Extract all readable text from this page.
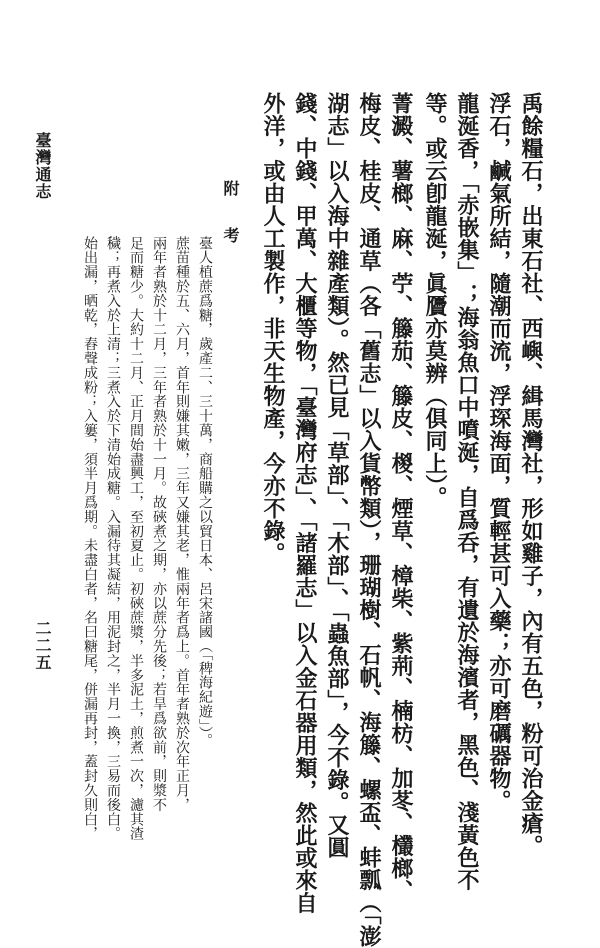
禹餘糧石，出東石社、西嶼、緝馬灣社，形如雞子，內有五色，粉可治金瘡。
浮石，鹹氣所結，隨潮而流，浮琛海面，質輕甚可入藥；亦可磨礪器物。
龍涎香，「赤嵌集」；海翁魚口中噴涎，自爲呑，有遺於海濱者，黑色、淺黃色不
等。或云卽龍涎，眞贗亦莫辨（俱同上）。
菁澱、薯榔、麻、苧、籐茄、籐皮、椶、煙草、樟柴、紫荊、楠枋、加苳、欉榔、
梅皮、桂皮、通草（各「舊志」以入貨幣類），珊瑚樹、石帆、海籐、螺盃、蚌瓢（「澎
湖志」以入海中雜產類）。然已見「草部」、「木部」、「蟲魚部」，今不錄。又圓
錢、中錢、甲萬、大櫃等物，「臺灣府志」、「諸羅志」以入金石器用類，然此或來自
外洋，或由人工製作，非天生物產，今亦不錄。
附 考
臺人植蔗爲糖，歲產二、三十萬，商船購之以貿日本、呂宋諸國（「稗海紀遊」）。
蔗苗種於五、六月，首年則嫌其嫩，三年又嫌其老，惟兩年者爲上。首年者熟於次年正月，
兩年者熟於十二月，三年者熟於十一月。故硤煮之期，亦以蔗分先後；若旱爲欲前，則漿不
足而糖少。大約十二月、正月間始盡興工，至初夏止。初硤蔗漿，半多泥土，煎煮一次，濾其渣
穢；再煮入於上清；三煮入於下清始成糖。入漏待其凝結，用泥封之，半月一換，三易而後白。
始出漏，晒乾，舂聲成粉；入簍，須半月爲期。未盡白者，名曰糖尾，併漏再封，蓋封久則白，
臺灣通志
二二五
